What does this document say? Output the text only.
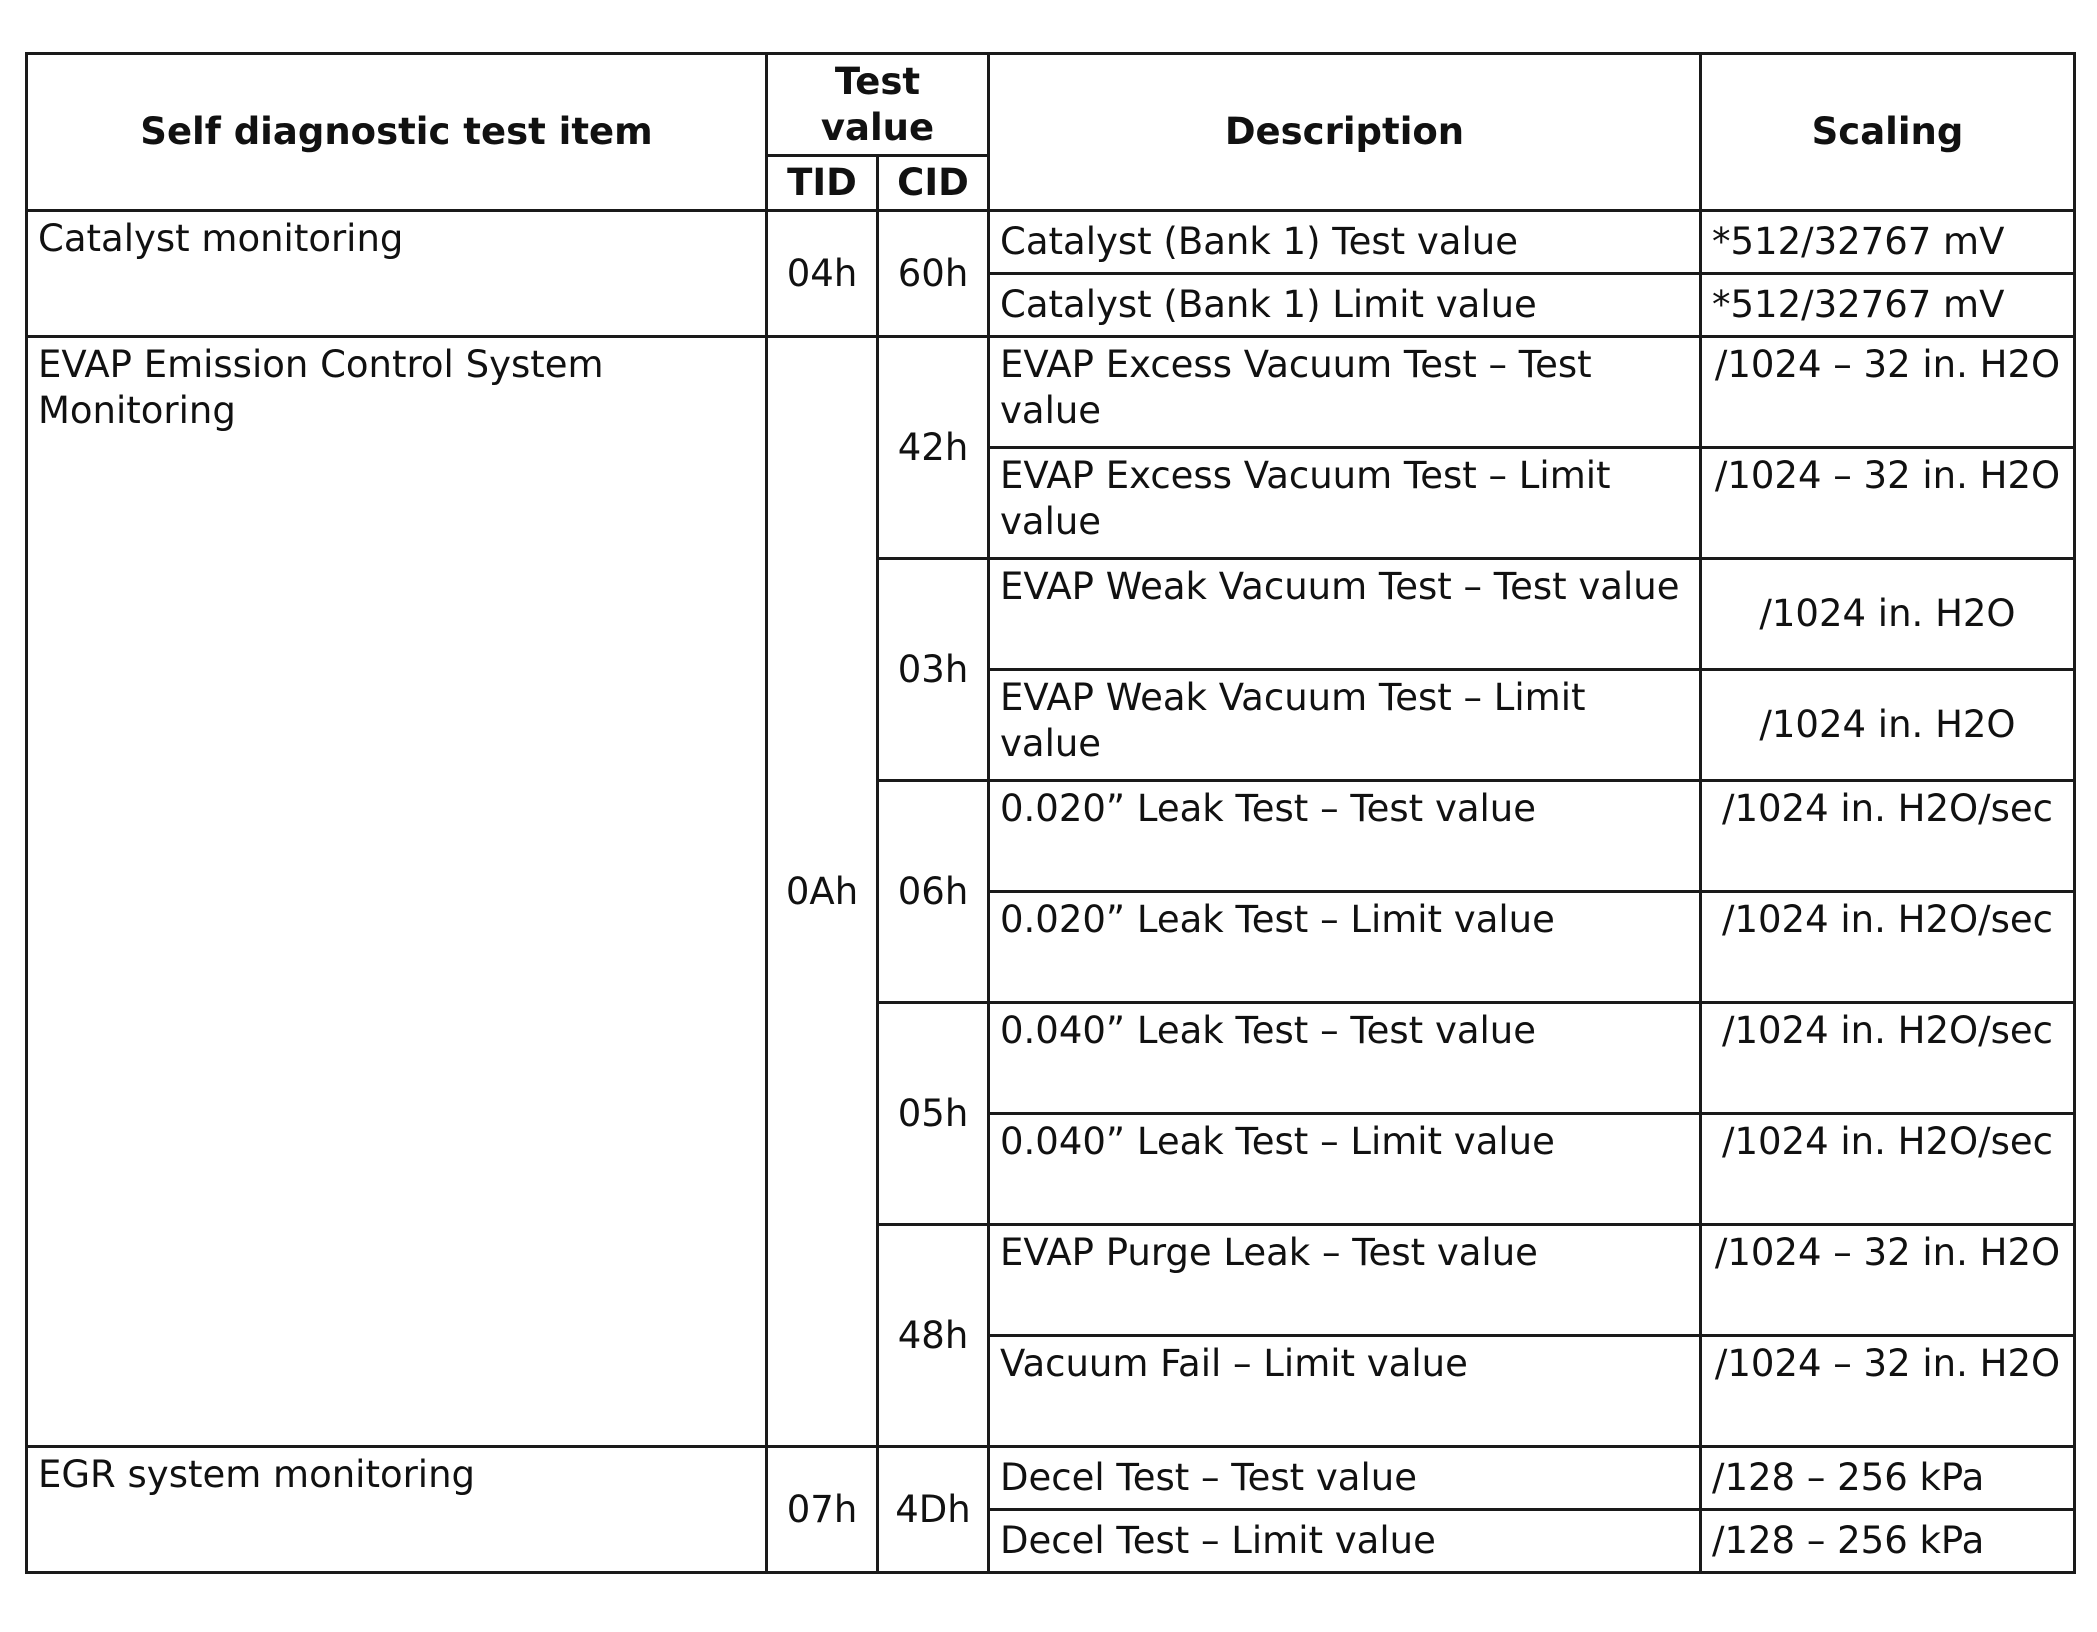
Self diagnostic test item	Test value		Description	Scaling
	TID	CID		
Catalyst monitoring	04h	60h	Catalyst (Bank 1) Test value	*512/32767 mV
			Catalyst (Bank 1) Limit value	*512/32767 mV
EVAP Emission Control System Monitoring	0Ah	42h	EVAP Excess Vacuum Test – Test value	/1024 – 32 in. H2O
			EVAP Excess Vacuum Test – Limit value	/1024 – 32 in. H2O
		03h	EVAP Weak Vacuum Test – Test value	/1024 in. H2O
			EVAP Weak Vacuum Test – Limit value	/1024 in. H2O
		06h	0.020” Leak Test – Test value	/1024 in. H2O/sec
			0.020” Leak Test – Limit value	/1024 in. H2O/sec
		05h	0.040” Leak Test – Test value	/1024 in. H2O/sec
			0.040” Leak Test – Limit value	/1024 in. H2O/sec
		48h	EVAP Purge Leak – Test value	/1024 – 32 in. H2O
			Vacuum Fail – Limit value	/1024 – 32 in. H2O
EGR system monitoring	07h	4Dh	Decel Test – Test value	/128 – 256 kPa
			Decel Test – Limit value	/128 – 256 kPa
